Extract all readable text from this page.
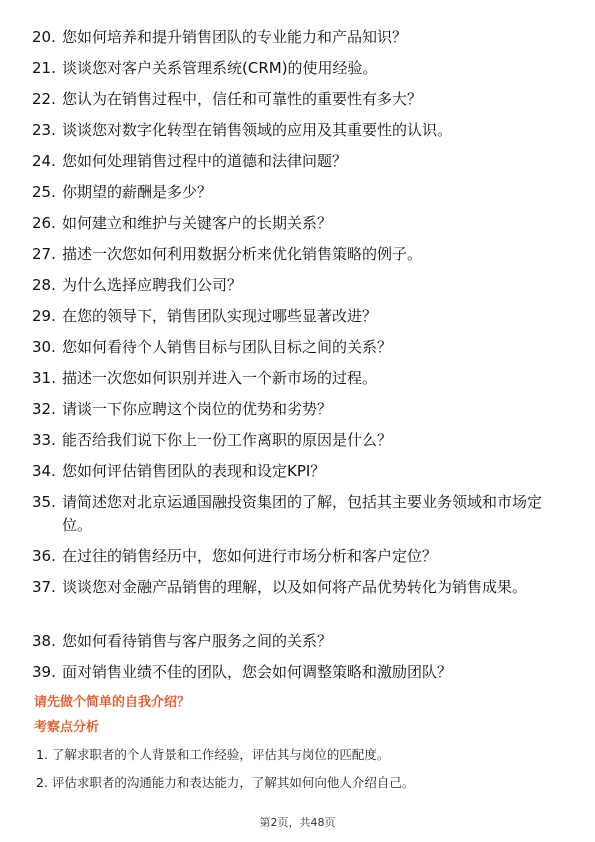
20. 您如何培养和提升销售团队的专业能力和产品知识？
21. 谈谈您对客户关系管理系统(CRM)的使用经验。
22. 您认为在销售过程中，信任和可靠性的重要性有多大？
23. 谈谈您对数字化转型在销售领域的应用及其重要性的认识。
24. 您如何处理销售过程中的道德和法律问题？
25. 你期望的薪酬是多少？
26. 如何建立和维护与关键客户的长期关系？
27. 描述一次您如何利用数据分析来优化销售策略的例子。
28. 为什么选择应聘我们公司？
29. 在您的领导下，销售团队实现过哪些显著改进？
30. 您如何看待个人销售目标与团队目标之间的关系？
31. 描述一次您如何识别并进入一个新市场的过程。
32. 请谈一下你应聘这个岗位的优势和劣势？
33. 能否给我们说下你上一份工作离职的原因是什么？
34. 您如何评估销售团队的表现和设定KPI？
35. 请简述您对北京运通国融投资集团的了解，包括其主要业务领域和市场定位。
36. 在过往的销售经历中，您如何进行市场分析和客户定位？
37. 谈谈您对金融产品销售的理解，以及如何将产品优势转化为销售成果。
38. 您如何看待销售与客户服务之间的关系？
39. 面对销售业绩不佳的团队，您会如何调整策略和激励团队？
请先做个简单的自我介绍？
考察点分析
1. 了解求职者的个人背景和工作经验，评估其与岗位的匹配度。
2. 评估求职者的沟通能力和表达能力，了解其如何向他人介绍自己。
第2页，共48页
